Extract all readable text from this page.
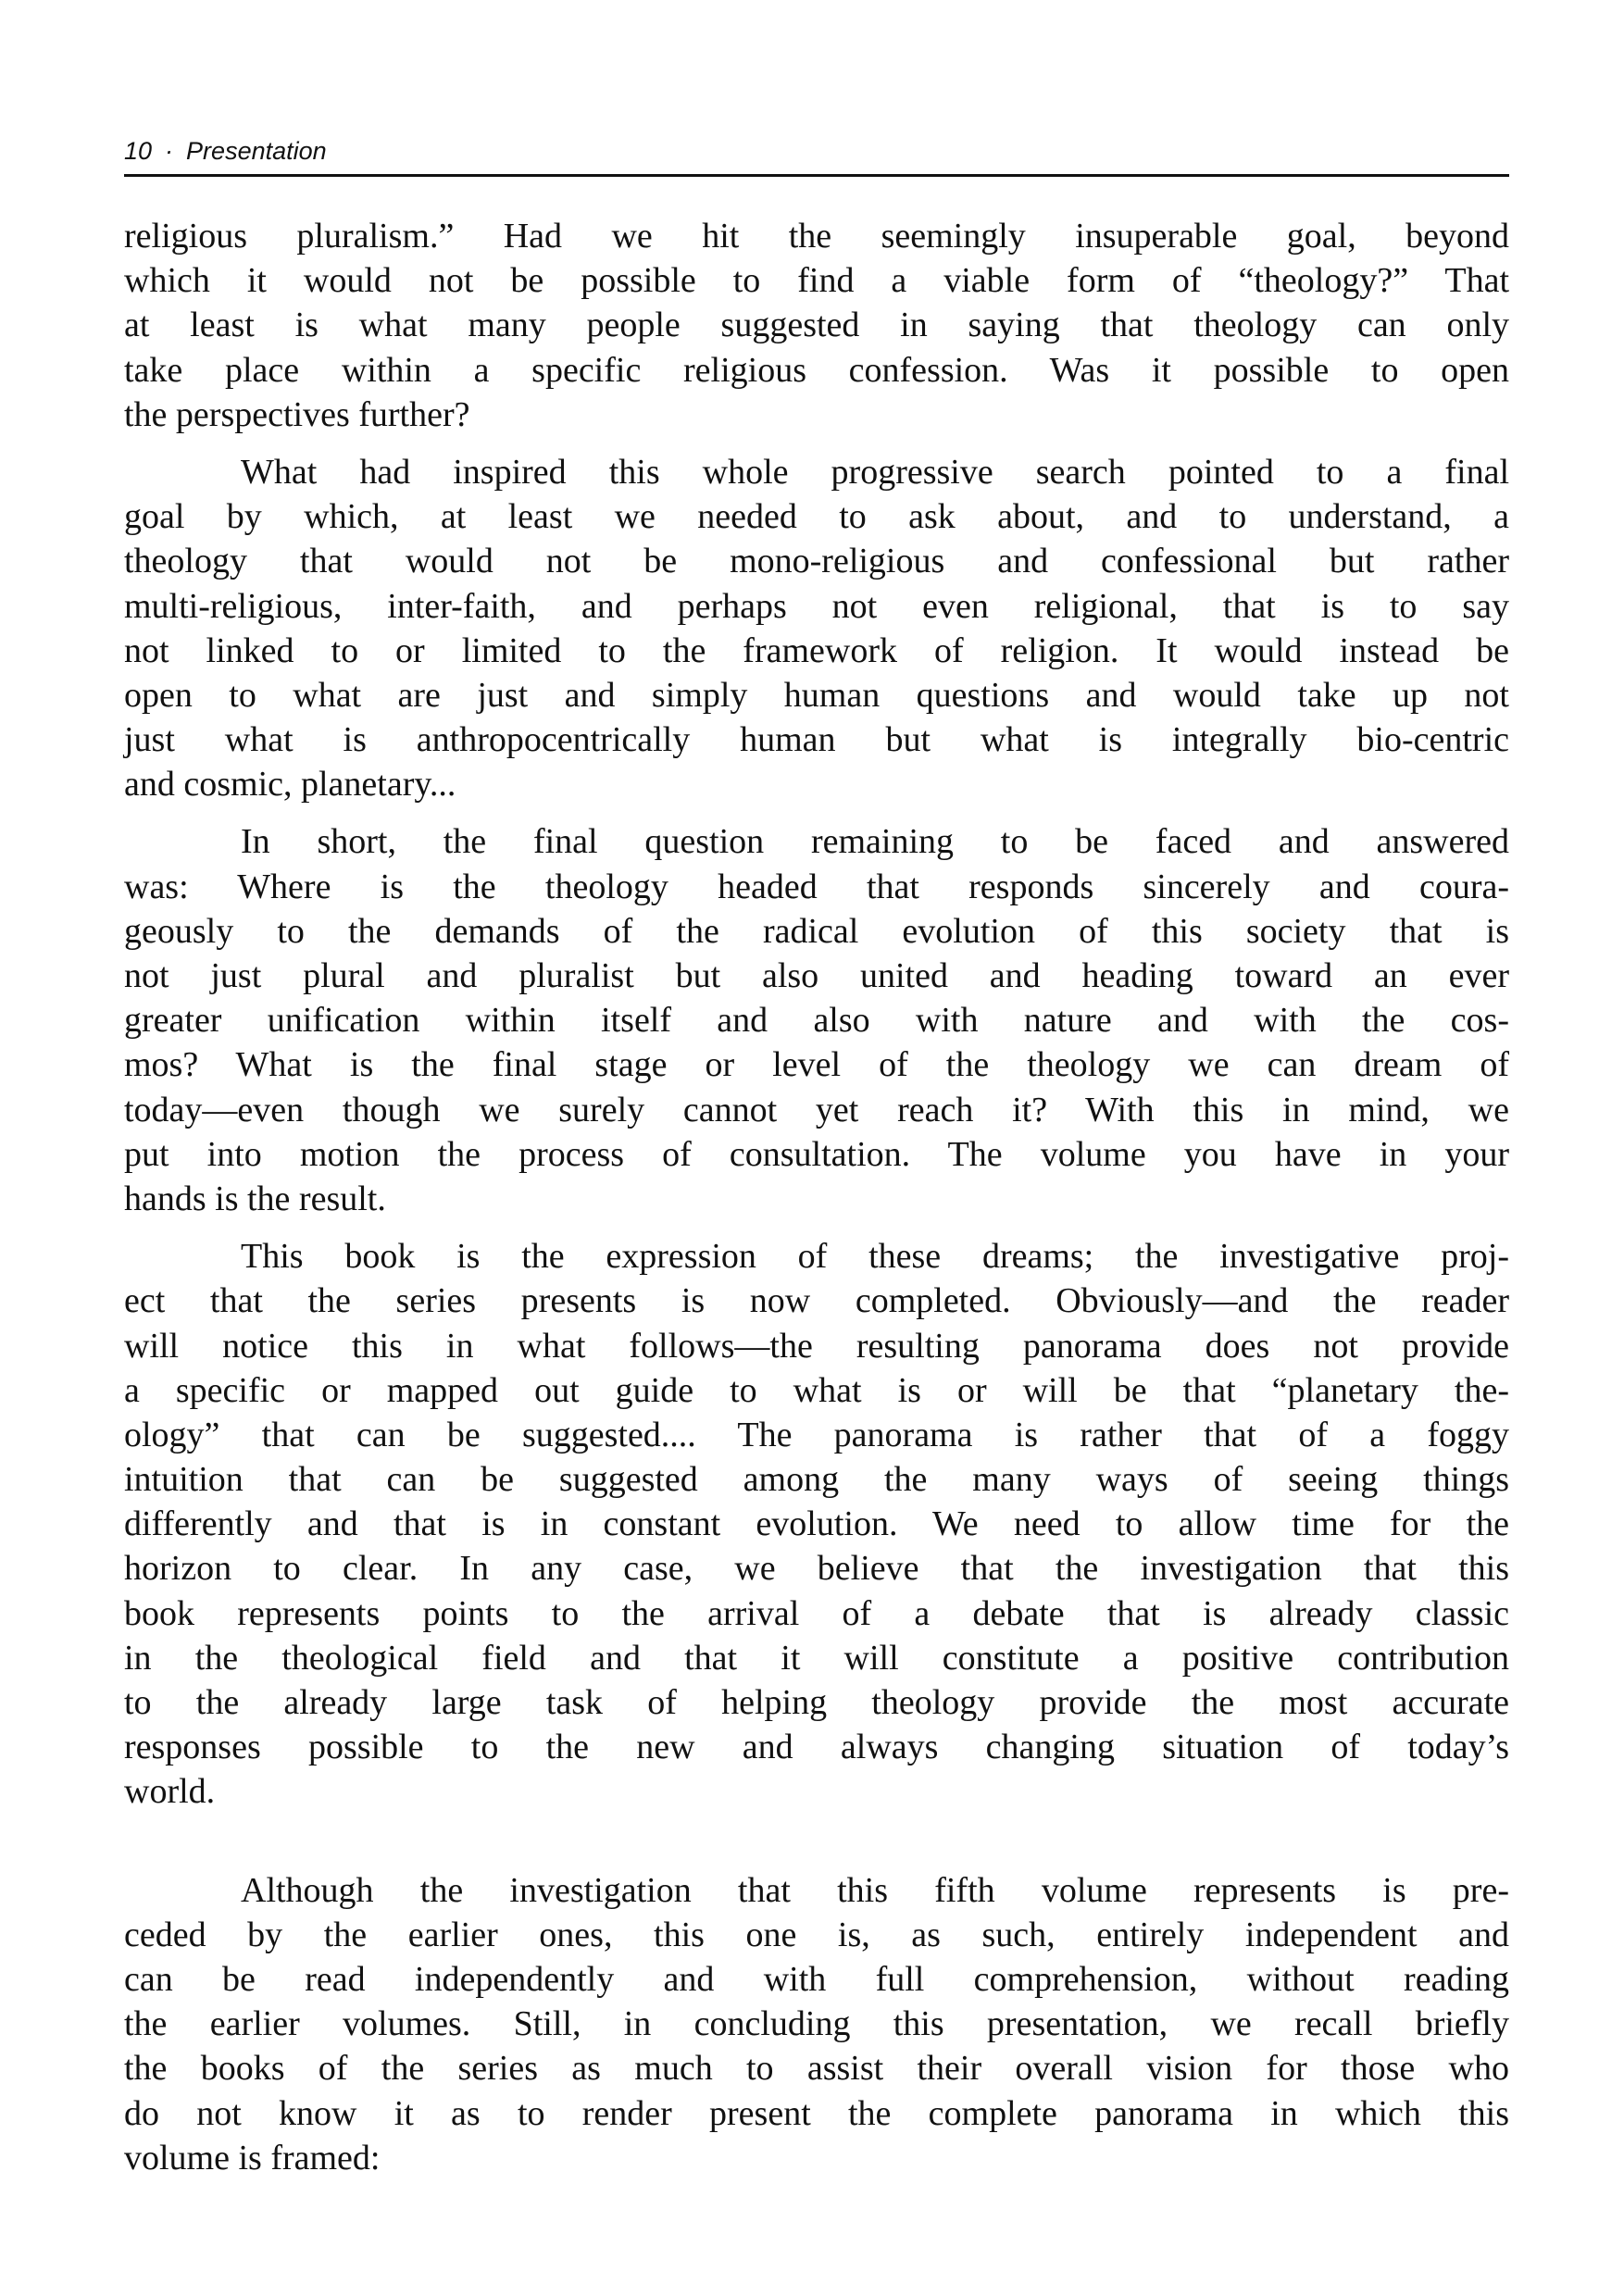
10 · Presentation
religious pluralism.” Had we hit the seemingly insuperable goal, beyond
which it would not be possible to find a viable form of “theology?” That
at least is what many people suggested in saying that theology can only
take place within a specific religious confession. Was it possible to open
the perspectives further?
What had inspired this whole progressive search pointed to a final
goal by which, at least we needed to ask about, and to understand, a
theology that would not be mono-religious and confessional but rather
multi-religious, inter-faith, and perhaps not even religional, that is to say
not linked to or limited to the framework of religion. It would instead be
open to what are just and simply human questions and would take up not
just what is anthropocentrically human but what is integrally bio-centric
and cosmic, planetary...
In short, the final question remaining to be faced and answered
was: Where is the theology headed that responds sincerely and coura-
geously to the demands of the radical evolution of this society that is
not just plural and pluralist but also united and heading toward an ever
greater unification within itself and also with nature and with the cos-
mos? What is the final stage or level of the theology we can dream of
today—even though we surely cannot yet reach it? With this in mind, we
put into motion the process of consultation. The volume you have in your
hands is the result.
This book is the expression of these dreams; the investigative proj-
ect that the series presents is now completed. Obviously—and the reader
will notice this in what follows—the resulting panorama does not provide
a specific or mapped out guide to what is or will be that “planetary the-
ology” that can be suggested.... The panorama is rather that of a foggy
intuition that can be suggested among the many ways of seeing things
differently and that is in constant evolution. We need to allow time for the
horizon to clear. In any case, we believe that the investigation that this
book represents points to the arrival of a debate that is already classic
in the theological field and that it will constitute a positive contribution
to the already large task of helping theology provide the most accurate
responses possible to the new and always changing situation of today’s
world.
Although the investigation that this fifth volume represents is pre-
ceded by the earlier ones, this one is, as such, entirely independent and
can be read independently and with full comprehension, without reading
the earlier volumes. Still, in concluding this presentation, we recall briefly
the books of the series as much to assist their overall vision for those who
do not know it as to render present the complete panorama in which this
volume is framed:
